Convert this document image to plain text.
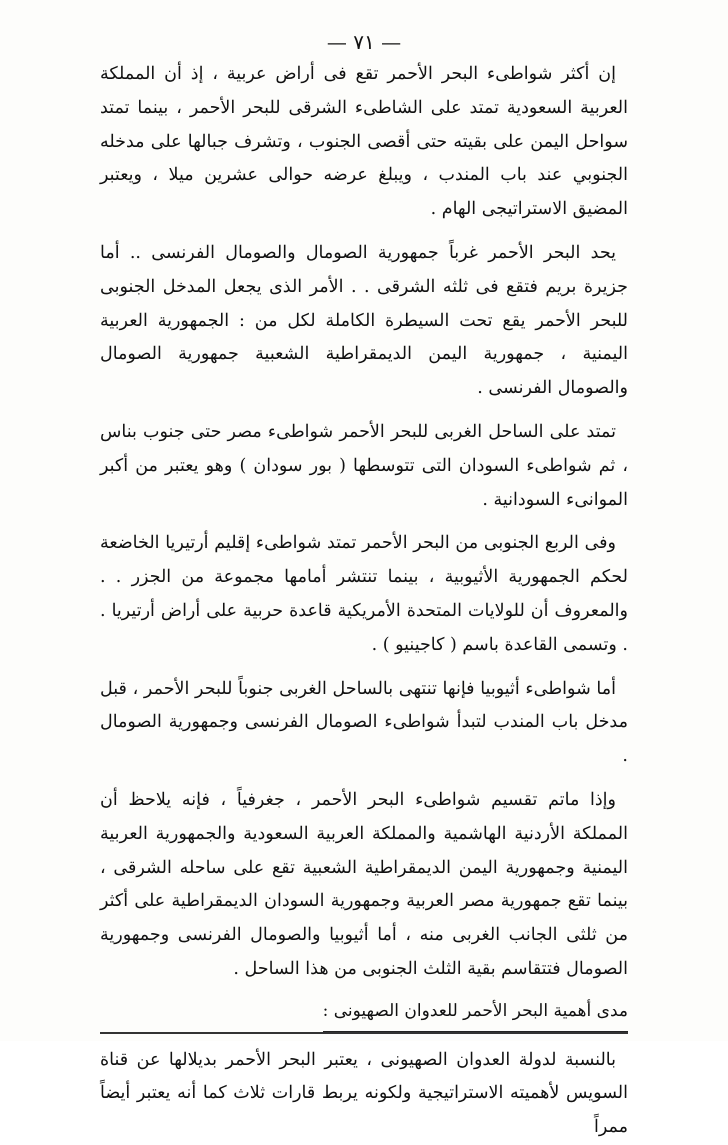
— ٧١ —

إن أكثر شواطىء البحر الأحمر تقع فى أراض عربية ، إذ أن المملكة العربية السعودية تمتد على الشاطىء الشرقى للبحر الأحمر ، بينما تمتد سواحل اليمن على بقيته حتى أقصى الجنوب ، وتشرف جبالها على مدخله الجنوبي عند باب المندب ، ويبلغ عرضه حوالى عشرين ميلا ، ويعتبر المضيق الاستراتيجى الهام .

يحد البحر الأحمر غرباً جمهورية الصومال والصومال الفرنسى .. أما جزيرة بريم فتقع فى ثلثه الشرقى . . الأمر الذى يجعل المدخل الجنوبى للبحر الأحمر يقع تحت السيطرة الكاملة لكل من : الجمهورية العربية اليمنية ، جمهورية اليمن الديمقراطية الشعبية جمهورية الصومال والصومال الفرنسى .

تمتد على الساحل الغربى للبحر الأحمر شواطىء مصر حتى جنوب بناس ، ثم شواطىء السودان التى تتوسطها ( بور سودان ) وهو يعتبر من أكبر الموانىء السودانية .

وفى الربع الجنوبى من البحر الأحمر تمتد شواطىء إقليم أرتيريا الخاضعة لحكم الجمهورية الأثيوبية ، بينما تنتشر أمامها مجموعة من الجزر . . والمعروف أن للولايات المتحدة الأمريكية قاعدة حربية على أراض أرتيريا . . وتسمى القاعدة باسم ( كاجينيو ) .

أما شواطىء أثيوبيا فإنها تنتهى بالساحل الغربى جنوباً للبحر الأحمر ، قبل مدخل باب المندب لتبدأ شواطىء الصومال الفرنسى وجمهورية الصومال .

وإذا ماتم تقسيم شواطىء البحر الأحمر ، جغرفياً ، فإنه يلاحظ أن المملكة الأردنية الهاشمية والمملكة العربية السعودية والجمهورية العربية اليمنية وجمهورية اليمن الديمقراطية الشعبية تقع على ساحله الشرقى ، بينما تقع جمهورية مصر العربية وجمهورية السودان الديمقراطية على أكثر من ثلثى الجانب الغربى منه ، أما أثيوبيا والصومال الفرنسى وجمهورية الصومال فتتقاسم بقية الثلث الجنوبى من هذا الساحل .

مدى أهمية البحر الأحمر للعدوان الصهيونى :

بالنسبة لدولة العدوان الصهيونى ، يعتبر البحر الأحمر بديلالها عن قناة السويس لأهميته الاستراتيجية ولكونه يربط قارات ثلاث كما أنه يعتبر أيضاً ممراً
